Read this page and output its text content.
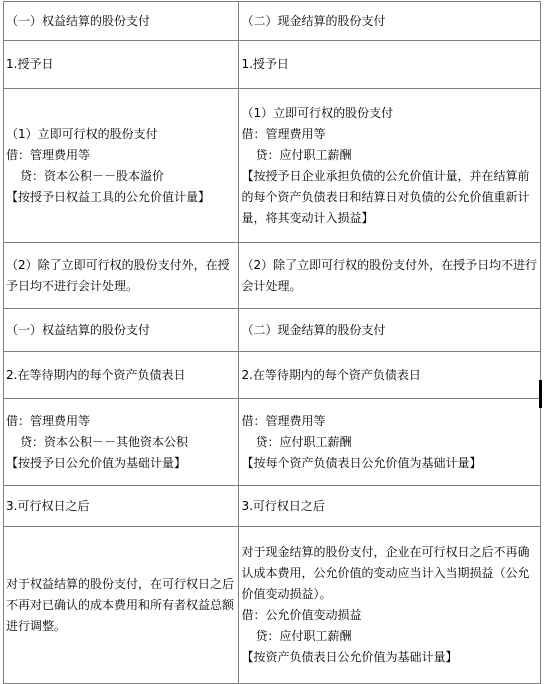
（一）权益结算的股份支付	（二）现金结算的股份支付

1.授予日	1.授予日

（1）立即可行权的股份支付
借：管理费用等
贷：资本公积－－股本溢价
【按授予日权益工具的公允价值计量】	（1）立即可行权的股份支付
借：管理费用等
贷：应付职工薪酬
【按授予日企业承担负债的公允价值计量，并在结算前的每个资产负债表日和结算日对负债的公允价值重新计量，将其变动计入损益】

（2）除了立即可行权的股份支付外，在授予日均不进行会计处理。	（2）除了立即可行权的股份支付外，在授予日均不进行会计处理。

（一）权益结算的股份支付	（二）现金结算的股份支付

2.在等待期内的每个资产负债表日	2.在等待期内的每个资产负债表日

借：管理费用等
贷：资本公积－－其他资本公积
【按授予日公允价值为基础计量】	借：管理费用等
贷：应付职工薪酬
【按每个资产负债表日公允价值为基础计量】

3.可行权日之后	3.可行权日之后

对于权益结算的股份支付，在可行权日之后不再对已确认的成本费用和所有者权益总额进行调整。	对于现金结算的股份支付，企业在可行权日之后不再确认成本费用，公允价值的变动应当计入当期损益（公允价值变动损益）。
借：公允价值变动损益
贷：应付职工薪酬
【按资产负债表日公允价值为基础计量】
